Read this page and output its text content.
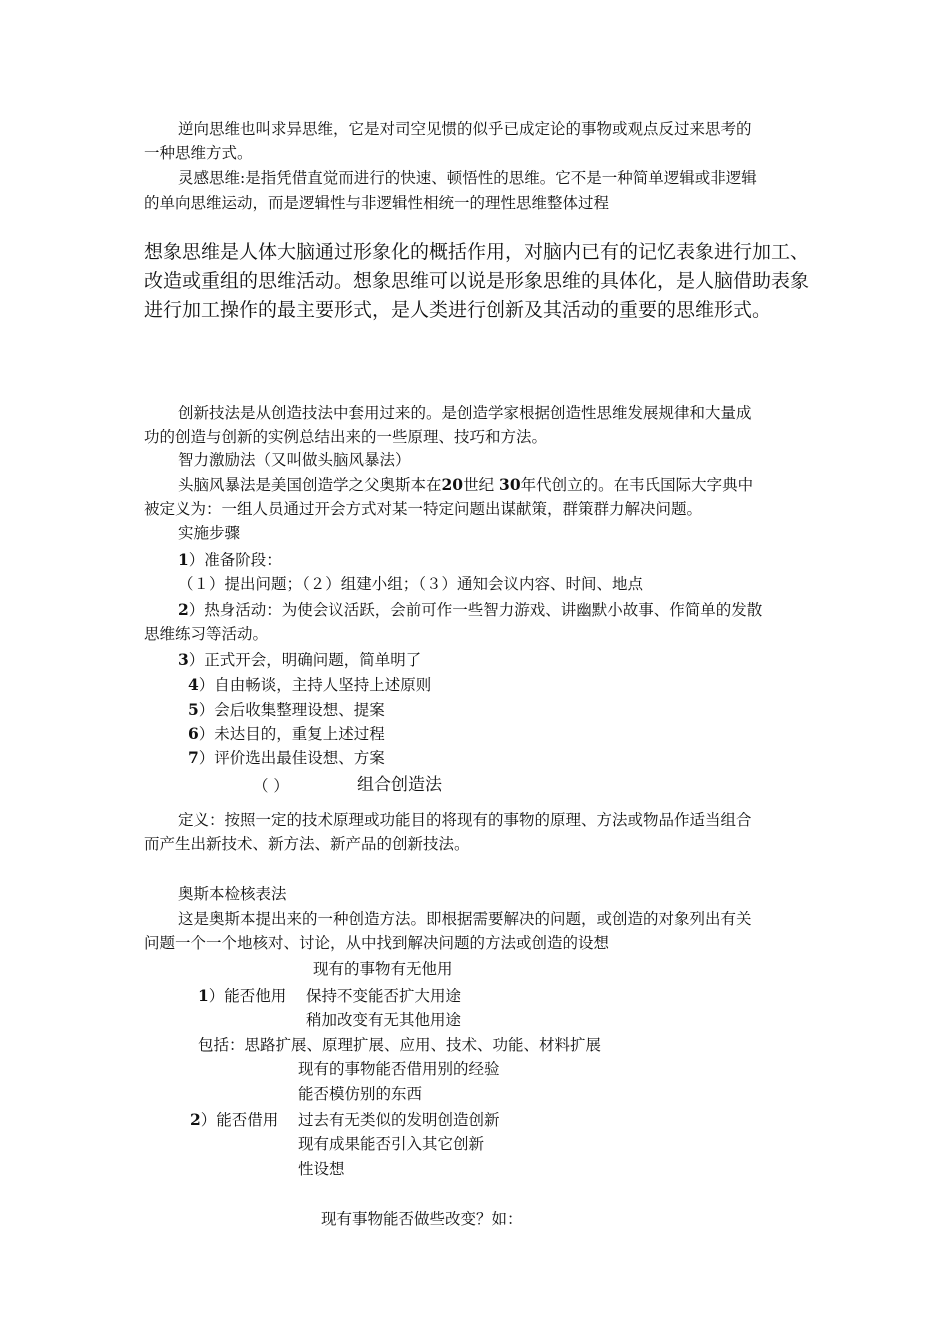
逆向思维也叫求异思维，它是对司空见惯的似乎已成定论的事物或观点反过来思考的
一种思维方式。
灵感思维:是指凭借直觉而进行的快速、顿悟性的思维。它不是一种简单逻辑或非逻辑
的单向思维运动，而是逻辑性与非逻辑性相统一的理性思维整体过程
想象思维是人体大脑通过形象化的概括作用，对脑内已有的记忆表象进行加工、
改造或重组的思维活动。想象思维可以说是形象思维的具体化，是人脑借助表象
进行加工操作的最主要形式，是人类进行创新及其活动的重要的思维形式。
创新技法是从创造技法中套用过来的。是创造学家根据创造性思维发展规律和大量成
功的创造与创新的实例总结出来的一些原理、技巧和方法。
智力激励法（又叫做头脑风暴法）
头脑风暴法是美国创造学之父奥斯本在20世纪 30年代创立的。在韦氏国际大字典中
被定义为：一组人员通过开会方式对某一特定问题出谋献策，群策群力解决问题。
实施步骤
1）准备阶段：
（１）提出问题；（２）组建小组；（３）通知会议内容、时间、地点
2）热身活动：为使会议活跃，会前可作一些智力游戏、讲幽默小故事、作简单的发散
思维练习等活动。
3）正式开会，明确问题，简单明了
4）自由畅谈，主持人坚持上述原则
5）会后收集整理设想、提案
6）未达目的，重复上述过程
7）评价选出最佳设想、方案
（ ）	组合创造法
定义：按照一定的技术原理或功能目的将现有的事物的原理、方法或物品作适当组合
而产生出新技术、新方法、新产品的创新技法。
奥斯本检核表法
这是奥斯本提出来的一种创造方法。即根据需要解决的问题，或创造的对象列出有关
问题一个一个地核对、讨论，从中找到解决问题的方法或创造的设想
现有的事物有无他用
1）能否他用 保持不变能否扩大用途
稍加改变有无其他用途
包括：思路扩展、原理扩展、应用、技术、功能、材料扩展
现有的事物能否借用别的经验
能否模仿别的东西
2）能否借用 过去有无类似的发明创造创新
现有成果能否引入其它创新
性设想
现有事物能否做些改变？如：
